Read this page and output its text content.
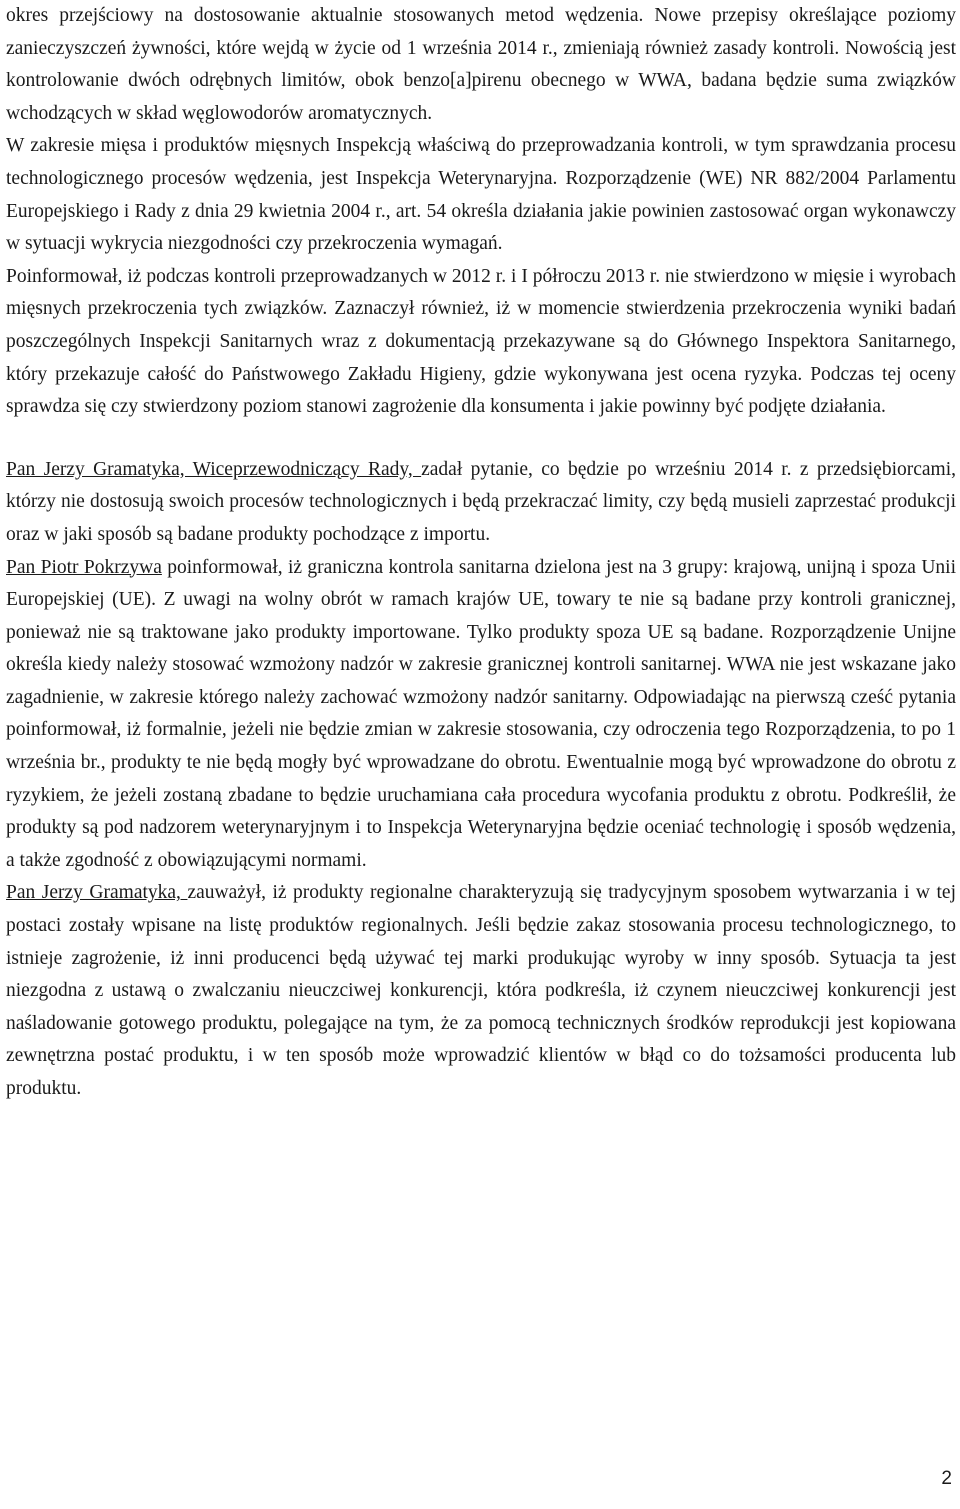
okres przejściowy na dostosowanie aktualnie stosowanych metod wędzenia. Nowe przepisy określające poziomy zanieczyszczeń żywności, które wejdą w życie od 1 września 2014 r., zmieniają również zasady kontroli. Nowością jest kontrolowanie dwóch odrębnych limitów, obok benzo[a]pirenu obecnego w WWA, badana będzie suma związków wchodzących w skład węglowodorów aromatycznych.

W zakresie mięsa i produktów mięsnych Inspekcją właściwą do przeprowadzania kontroli, w tym sprawdzania procesu technologicznego procesów wędzenia, jest Inspekcja Weterynaryjna. Rozporządzenie (WE) NR 882/2004 Parlamentu Europejskiego i Rady z dnia 29 kwietnia 2004 r., art. 54 określa działania jakie powinien zastosować organ wykonawczy w sytuacji wykrycia niezgodności czy przekroczenia wymagań.

Poinformował, iż podczas kontroli przeprowadzanych w 2012 r. i I półroczu 2013 r. nie stwierdzono w mięsie i wyrobach mięsnych przekroczenia tych związków. Zaznaczył również, iż w momencie stwierdzenia przekroczenia wyniki badań poszczególnych Inspekcji Sanitarnych wraz z dokumentacją przekazywane są do Głównego Inspektora Sanitarnego, który przekazuje całość do Państwowego Zakładu Higieny, gdzie wykonywana jest ocena ryzyka. Podczas tej oceny sprawdza się czy stwierdzony poziom stanowi zagrożenie dla konsumenta i jakie powinny być podjęte działania.

Pan Jerzy Gramatyka, Wiceprzewodniczący Rady, zadał pytanie, co będzie po wrześniu 2014 r. z przedsiębiorcami, którzy nie dostosują swoich procesów technologicznych i będą przekraczać limity, czy będą musieli zaprzestać produkcji oraz w jaki sposób są badane produkty pochodzące z importu.

Pan Piotr Pokrzywa poinformował, iż graniczna kontrola sanitarna dzielona jest na 3 grupy: krajową, unijną i spoza Unii Europejskiej (UE). Z uwagi na wolny obrót w ramach krajów UE, towary te nie są badane przy kontroli granicznej, ponieważ nie są traktowane jako produkty importowane. Tylko produkty spoza UE są badane. Rozporządzenie Unijne określa kiedy należy stosować wzmożony nadzór w zakresie granicznej kontroli sanitarnej. WWA nie jest wskazane jako zagadnienie, w zakresie którego należy zachować wzmożony nadzór sanitarny. Odpowiadając na pierwszą cześć pytania poinformował, iż formalnie, jeżeli nie będzie zmian w zakresie stosowania, czy odroczenia tego Rozporządzenia, to po 1 września br., produkty te nie będą mogły być wprowadzane do obrotu. Ewentualnie mogą być wprowadzone do obrotu z ryzykiem, że jeżeli zostaną zbadane to będzie uruchamiana cała procedura wycofania produktu z obrotu. Podkreślił, że produkty są pod nadzorem weterynaryjnym i to Inspekcja Weterynaryjna będzie oceniać technologię i sposób wędzenia, a także zgodność z obowiązującymi normami.

Pan Jerzy Gramatyka, zauważył, iż produkty regionalne charakteryzują się tradycyjnym sposobem wytwarzania i w tej postaci zostały wpisane na listę produktów regionalnych. Jeśli będzie zakaz stosowania procesu technologicznego, to istnieje zagrożenie, iż inni producenci będą używać tej marki produkując wyroby w inny sposób. Sytuacja ta jest niezgodna z ustawą o zwalczaniu nieuczciwej konkurencji, która podkreśla, iż czynem nieuczciwej konkurencji jest naśladowanie gotowego produktu, polegające na tym, że za pomocą technicznych środków reprodukcji jest kopiowana zewnętrzna postać produktu, i w ten sposób może wprowadzić klientów w błąd co do tożsamości producenta lub produktu.

2
